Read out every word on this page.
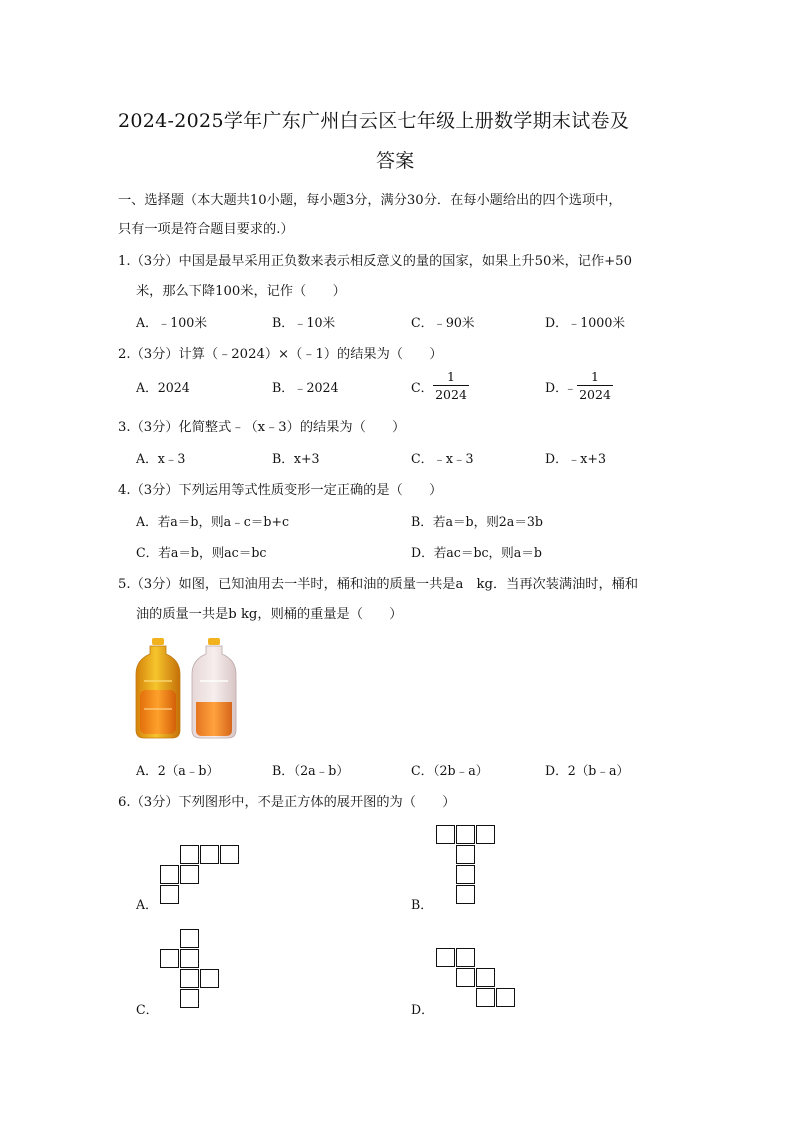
2024-2025学年广东广州白云区七年级上册数学期末试卷及
答案
一、选择题（本大题共10小题，每小题3分，满分30分．在每小题给出的四个选项中，
只有一项是符合题目要求的.）
1.（3分）中国是最早采用正负数来表示相反意义的量的国家，如果上升50米，记作+50
米，那么下降100米，记作（　　）
A．﹣100米	B．﹣10米	C．﹣90米	D．﹣1000米
2.（3分）计算（﹣2024）×（﹣1）的结果为（　　）
A．2024	B．﹣2024	C．
1
2024	D．
﹣
1
2024
3.（3分）化简整式﹣（x﹣3）的结果为（　　）
A．x﹣3	B．x+3	C．﹣x﹣3	D．﹣x+3
4.（3分）下列运用等式性质变形一定正确的是（　　）
A．若a＝b，则a﹣c＝b+c	B．若a＝b，则2a＝3b
C．若a＝b，则ac＝bc	D．若ac＝bc，则a＝b
5.（3分）如图，已知油用去一半时，桶和油的质量一共是a　kg．当再次装满油时，桶和
油的质量一共是b kg，则桶的重量是（　　）
A．2（a﹣b）	B．（2a﹣b）	C．（2b﹣a）	D．2（b﹣a）
6.（3分）下列图形中，不是正方体的展开图的为（　　）
A．	B．
C．	D．
